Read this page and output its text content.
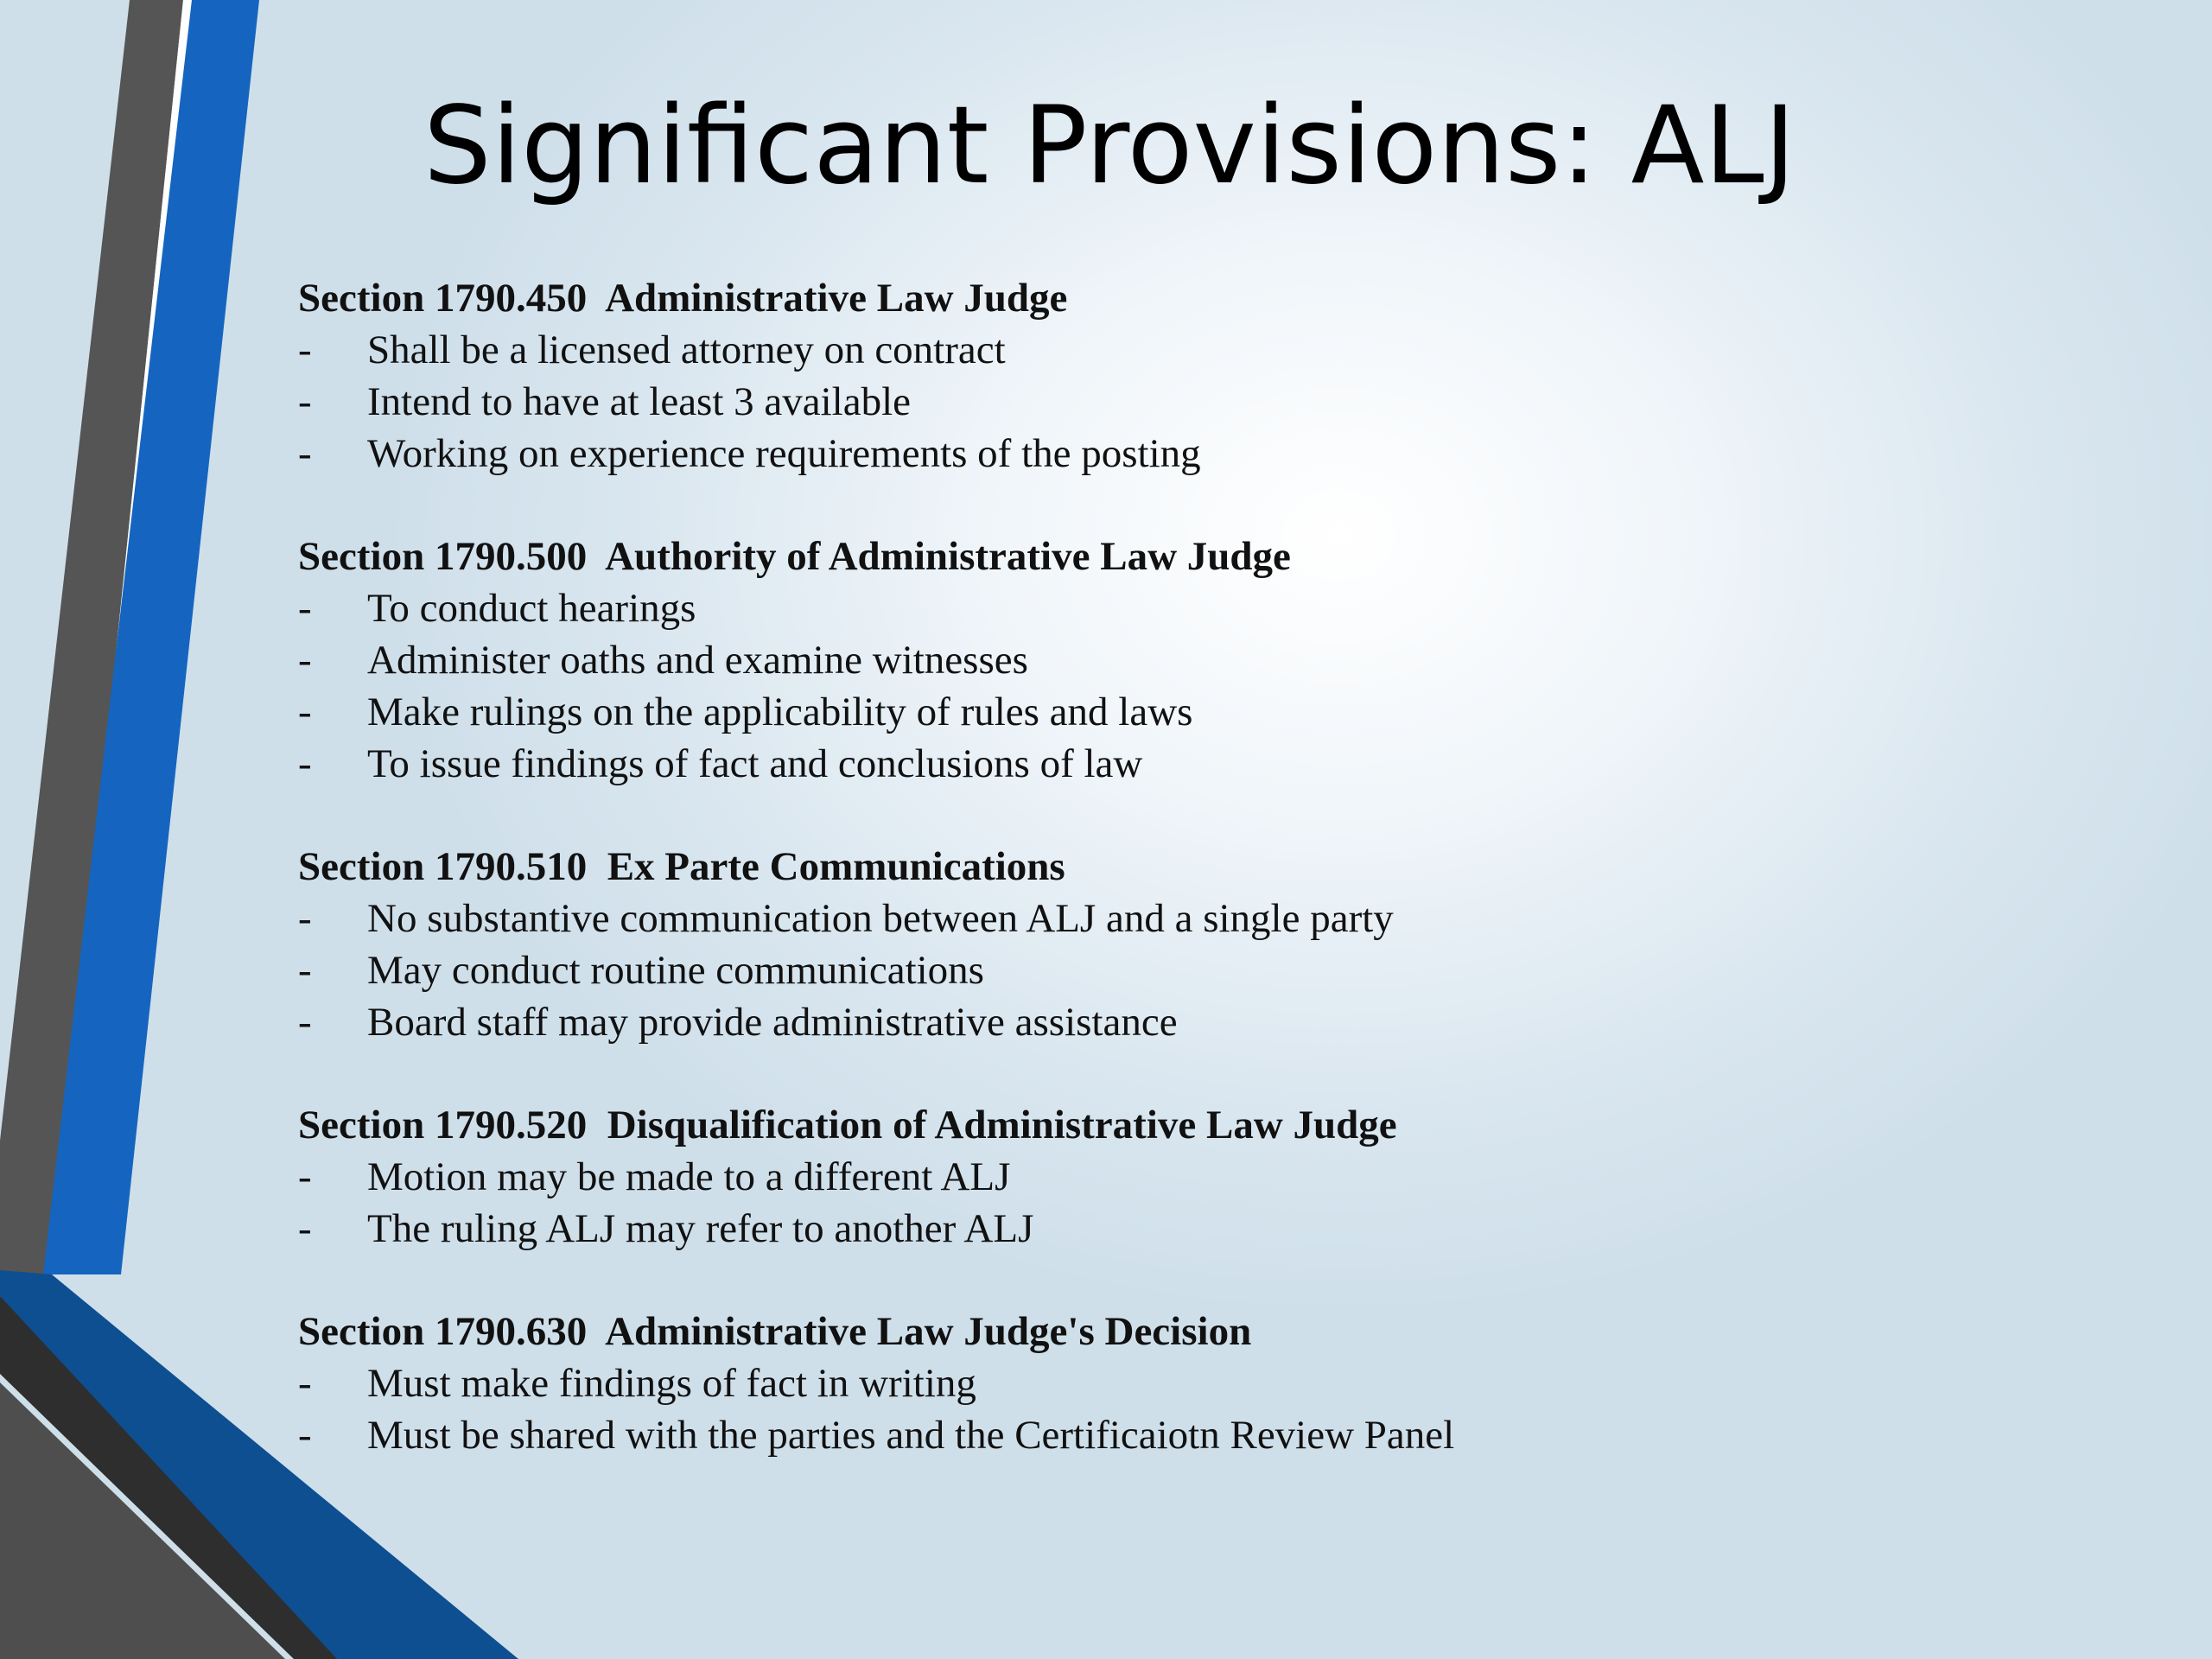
Significant Provisions: ALJ

Section 1790.450  Administrative Law Judge

-	Shall be a licensed attorney on contract
-	Intend to have at least 3 available
-	Working on experience requirements of the posting

Section 1790.500  Authority of Administrative Law Judge

-	To conduct hearings
-	Administer oaths and examine witnesses
-	Make rulings on the applicability of rules and laws
-	To issue findings of fact and conclusions of law

Section 1790.510  Ex Parte Communications

-	No substantive communication between ALJ and a single party
-	May conduct routine communications
-	Board staff may provide administrative assistance

Section 1790.520  Disqualification of Administrative Law Judge

-	Motion may be made to a different ALJ
-	The ruling ALJ may refer to another ALJ

Section 1790.630  Administrative Law Judge's Decision

-	Must make findings of fact in writing
-	Must be shared with the parties and the Certificaiotn Review Panel
